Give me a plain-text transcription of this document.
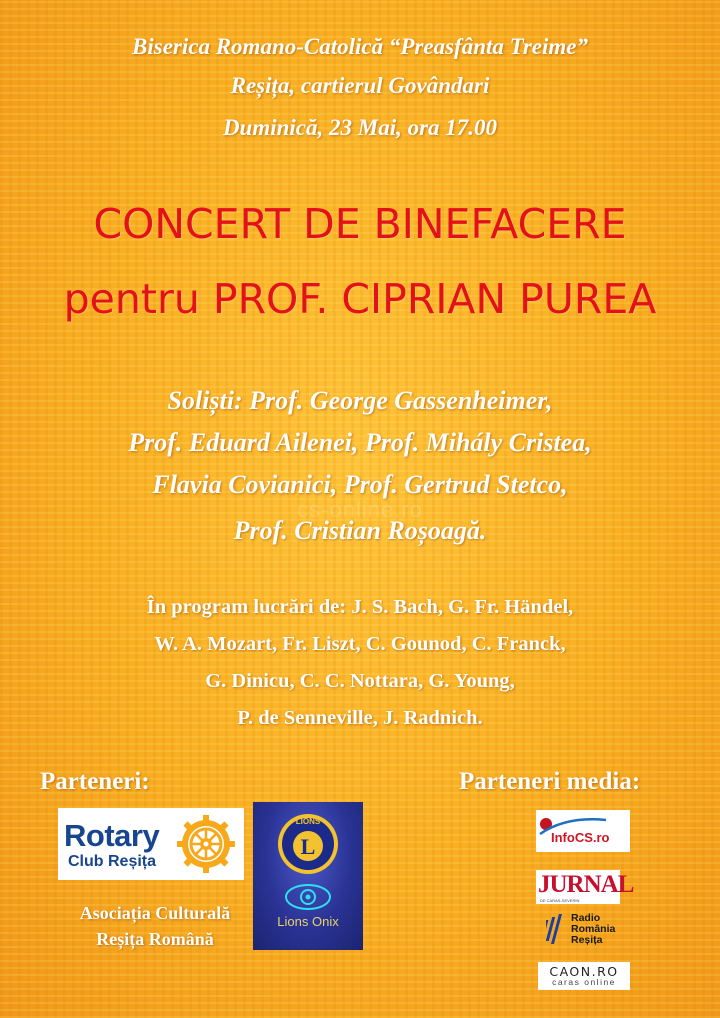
cs-online.ro
Biserica Romano-Catolică “Preasfânta Treime”
Reșița, cartierul Govândari
Duminică, 23 Mai, ora 17.00
CONCERT DE BINEFACERE
pentru PROF. CIPRIAN PUREA
Soliști: Prof. George Gassenheimer,
Prof. Eduard Ailenei, Prof. Mihály Cristea,
Flavia Covianici, Prof. Gertrud Stetco,
Prof. Cristian Roșoagă.
În program lucrări de: J. S. Bach, G. Fr. Händel,
W. A. Mozart, Fr. Liszt, C. Gounod, C. Franck,
G. Dinicu, C. C. Nottara, G. Young,
P. de Senneville, J. Radnich.
Parteneri:	Parteneri media:
Rotary
Club Reșița
LIONS
L
Lions Onix
Asociația Culturală
Reșița Română
InfoCS.ro
JURNAL
DE CARAȘ-SEVERIN
Radio
România
Reșița
CAON.RO
caras online
